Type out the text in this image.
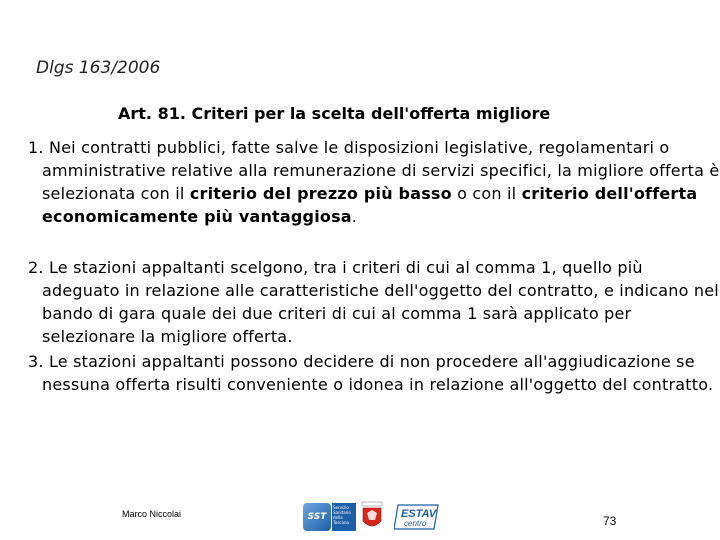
Dlgs 163/2006
Art. 81. Criteri per la scelta dell'offerta migliore
1. Nei contratti pubblici, fatte salve le disposizioni legislative, regolamentari o amministrative relative alla remunerazione di servizi specifici, la migliore offerta è selezionata con il criterio del prezzo più basso o con il criterio dell'offerta economicamente più vantaggiosa.
2. Le stazioni appaltanti scelgono, tra i criteri di cui al comma 1, quello più adeguato in relazione alle caratteristiche dell'oggetto del contratto, e indicano nel bando di gara quale dei due criteri di cui al comma 1 sarà applicato per selezionare la migliore offerta.
3. Le stazioni appaltanti possono decidere di non procedere all'aggiudicazione se nessuna offerta risulti conveniente o idonea in relazione all'oggetto del contratto.
Marco Niccolai	SST
Servizio Sanitario della Toscana
ESTAV
centro	73
